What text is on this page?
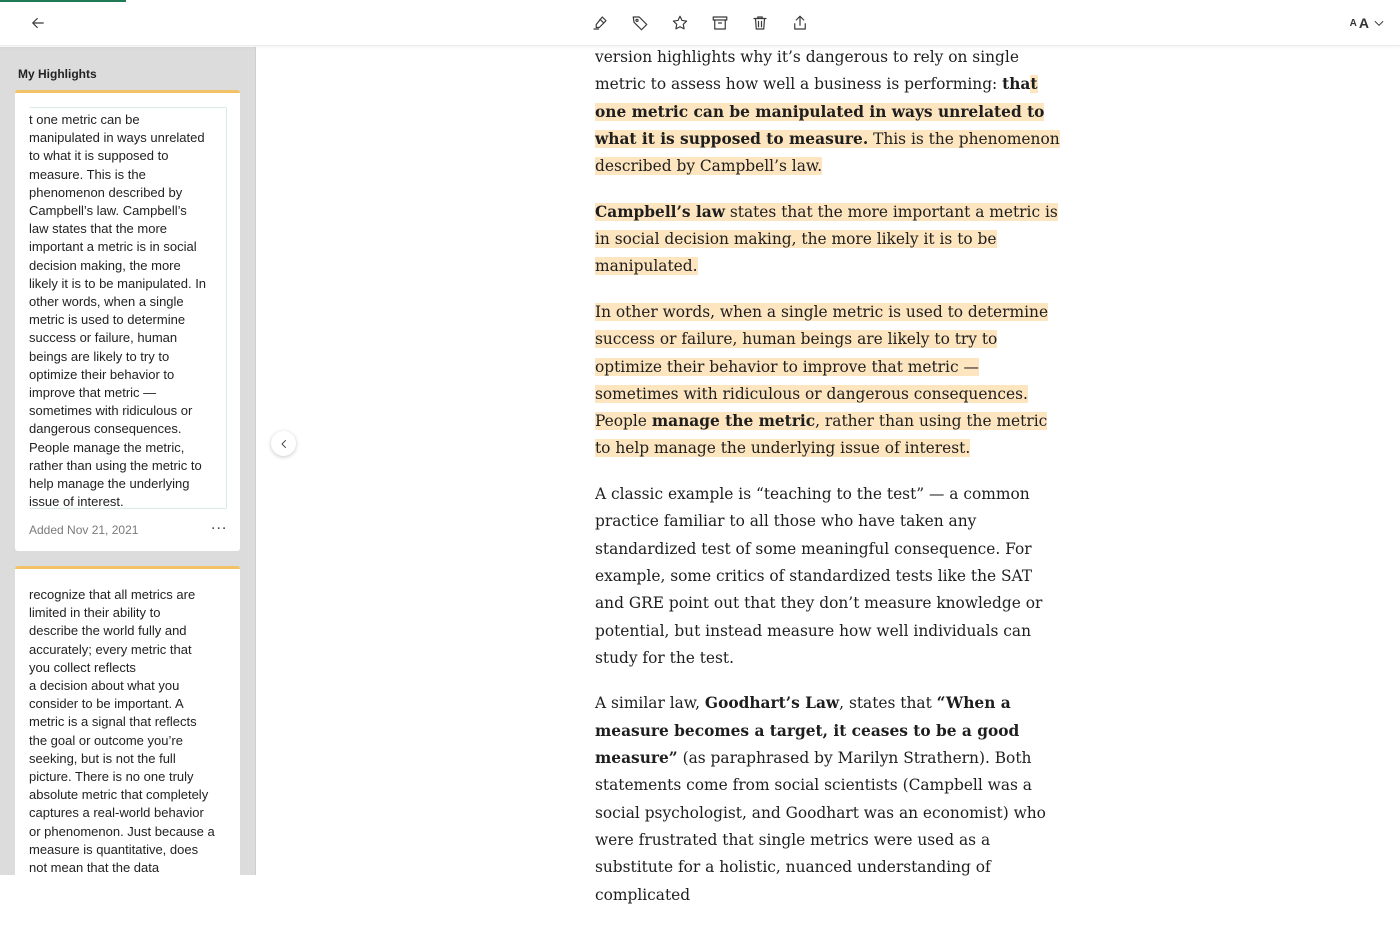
A A
My Highlights
t one metric can be
manipulated in ways unrelated
to what it is supposed to
measure. This is the
phenomenon described by
Campbell’s law. Campbell’s
law states that the more
important a metric is in social
decision making, the more
likely it is to be manipulated. In
other words, when a single
metric is used to determine
success or failure, human
beings are likely to try to
optimize their behavior to
improve that metric —
sometimes with ridiculous or
dangerous consequences.
People manage the metric,
rather than using the metric to
help manage the underlying
issue of interest.
Added Nov 21, 2021	...
recognize that all metrics are
limited in their ability to
describe the world fully and
accurately; every metric that
you collect reflects
a decision about what you
consider to be important. A
metric is a signal that reflects
the goal or outcome you’re
seeking, but is not the full
picture. There is no one truly
absolute metric that completely
captures a real-world behavior
or phenomenon. Just because a
measure is quantitative, does
not mean that the data

version highlights why it’s dangerous to rely on single metric to assess how well a business is performing: that one metric can be manipulated in ways unrelated to what it is supposed to measure. This is the phenomenon described by Campbell’s law.

Campbell’s law states that the more important a metric is in social decision making, the more likely it is to be manipulated.

In other words, when a single metric is used to determine success or failure, human beings are likely to try to optimize their behavior to improve that metric — sometimes with ridiculous or dangerous consequences. People manage the metric, rather than using the metric to help manage the underlying issue of interest.

A classic example is “teaching to the test” — a common practice familiar to all those who have taken any standardized test of some meaningful consequence. For example, some critics of standardized tests like the SAT and GRE point out that they don’t measure knowledge or potential, but instead measure how well individuals can study for the test.

A similar law, Goodhart’s Law, states that “When a measure becomes a target, it ceases to be a good measure” (as paraphrased by Marilyn Strathern). Both statements come from social scientists (Campbell was a social psychologist, and Goodhart was an economist) who were frustrated that single metrics were used as a substitute for a holistic, nuanced understanding of complicated
